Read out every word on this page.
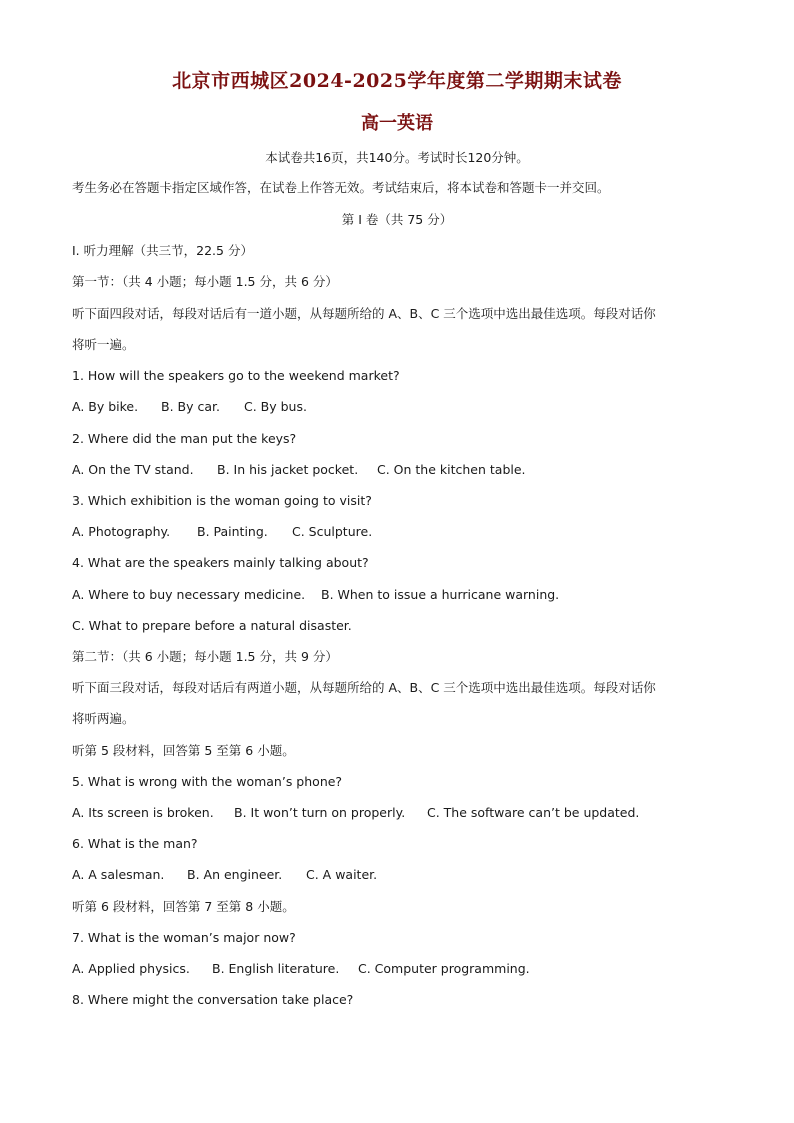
北京市西城区2024-2025学年度第二学期期末试卷
高一英语
本试卷共16页，共140分。考试时长120分钟。
考生务必在答题卡指定区域作答，在试卷上作答无效。考试结束后，将本试卷和答题卡一并交回。
第 I 卷（共 75 分）
I. 听力理解（共三节，22.5 分）
第一节：（共 4 小题；每小题 1.5 分，共 6 分）
听下面四段对话，每段对话后有一道小题，从每题所给的 A、B、C 三个选项中选出最佳选项。每段对话你
将听一遍。
1. How will the speakers go to the weekend market?
A. By bike. B. By car. C. By bus.
2. Where did the man put the keys?
A. On the TV stand. B. In his jacket pocket. C. On the kitchen table.
3. Which exhibition is the woman going to visit?
A. Photography. B. Painting. C. Sculpture.
4. What are the speakers mainly talking about?
A. Where to buy necessary medicine. B. When to issue a hurricane warning.
C. What to prepare before a natural disaster.
第二节：（共 6 小题；每小题 1.5 分，共 9 分）
听下面三段对话，每段对话后有两道小题，从每题所给的 A、B、C 三个选项中选出最佳选项。每段对话你
将听两遍。
听第 5 段材料，回答第 5 至第 6 小题。
5. What is wrong with the woman’s phone?
A. Its screen is broken. B. It won’t turn on properly. C. The software can’t be updated.
6. What is the man?
A. A salesman. B. An engineer. C. A waiter.
听第 6 段材料，回答第 7 至第 8 小题。
7. What is the woman’s major now?
A. Applied physics. B. English literature. C. Computer programming.
8. Where might the conversation take place?
